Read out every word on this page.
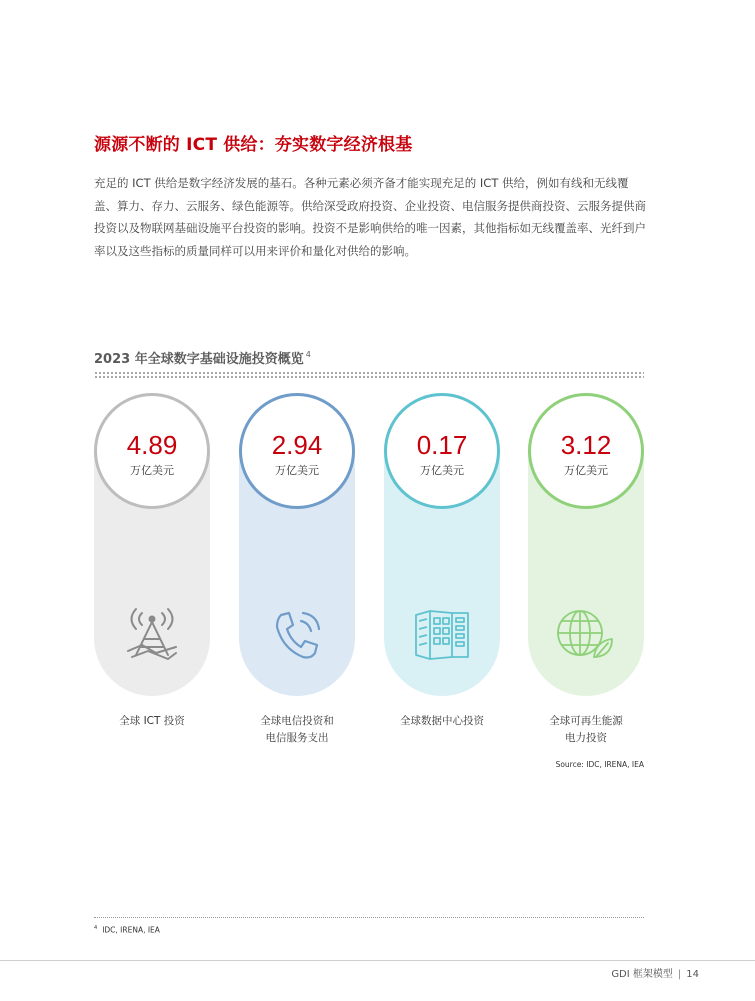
源源不断的 ICT 供给：夯实数字经济根基

充足的 ICT 供给是数字经济发展的基石。各种元素必须齐备才能实现充足的 ICT 供给，例如有线和无线覆盖、算力、存力、云服务、绿色能源等。供给深受政府投资、企业投资、电信服务提供商投资、云服务提供商投资以及物联网基础设施平台投资的影响。投资不是影响供给的唯一因素，其他指标如无线覆盖率、光纤到户率以及这些指标的质量同样可以用来评价和量化对供给的影响。

2023 年全球数字基础设施投资概览 $^4$
4.89
万亿美元
全球 ICT 投资
2.94
万亿美元
全球电信投资和
电信服务支出
0.17
万亿美元
全球数据中心投资
3.12
万亿美元
全球可再生能源
电力投资
Source: IDC, IRENA, IEA
$^4$ IDC, IRENA, IEA
GDI 框架模型 | 14
